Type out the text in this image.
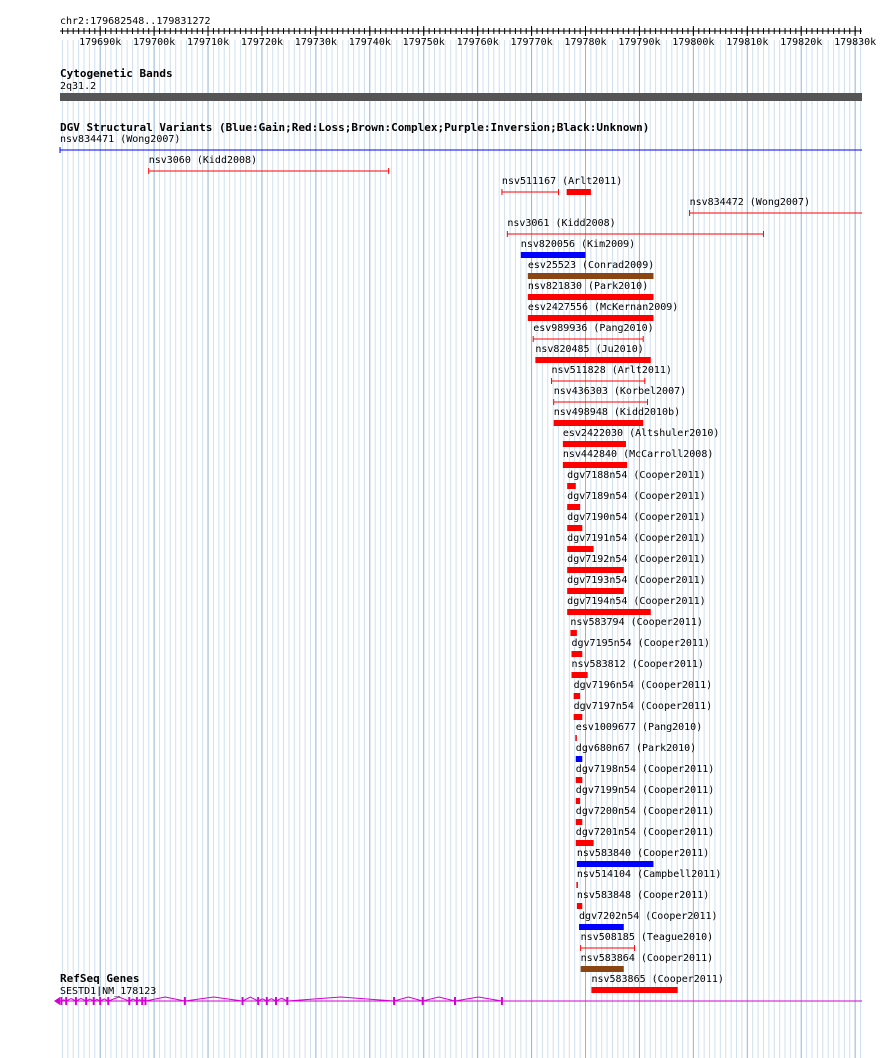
chr2:179682548..179831272
179690k 179700k 179710k 179720k 179730k 179740k 179750k 179760k 179770k 179780k 179790k 179800k 179810k 179820k 179830k
Cytogenetic Bands
2q31.2
DGV Structural Variants (Blue:Gain;Red:Loss;Brown:Complex;Purple:Inversion;Black:Unknown)
nsv834471 (Wong2007)
nsv3060 (Kidd2008)
nsv511167 (Arlt2011)
nsv834472 (Wong2007)
nsv3061 (Kidd2008)
nsv820056 (Kim2009)
esv25523 (Conrad2009)
nsv821830 (Park2010)
esv2427556 (McKernan2009)
esv989936 (Pang2010)
nsv820485 (Ju2010)
nsv511828 (Arlt2011)
nsv436303 (Korbel2007)
nsv498948 (Kidd2010b)
esv2422030 (Altshuler2010)
nsv442840 (McCarroll2008)
dgv7188n54 (Cooper2011)
dgv7189n54 (Cooper2011)
dgv7190n54 (Cooper2011)
dgv7191n54 (Cooper2011)
dgv7192n54 (Cooper2011)
dgv7193n54 (Cooper2011)
dgv7194n54 (Cooper2011)
nsv583794 (Cooper2011)
dgv7195n54 (Cooper2011)
nsv583812 (Cooper2011)
dgv7196n54 (Cooper2011)
dgv7197n54 (Cooper2011)
esv1009677 (Pang2010)
dgv680n67 (Park2010)
dgv7198n54 (Cooper2011)
dgv7199n54 (Cooper2011)
dgv7200n54 (Cooper2011)
dgv7201n54 (Cooper2011)
nsv583840 (Cooper2011)
nsv514104 (Campbell2011)
nsv583848 (Cooper2011)
dgv7202n54 (Cooper2011)
nsv508185 (Teague2010)
nsv583864 (Cooper2011)
nsv583865 (Cooper2011)
RefSeq Genes
SESTD1|NM_178123
